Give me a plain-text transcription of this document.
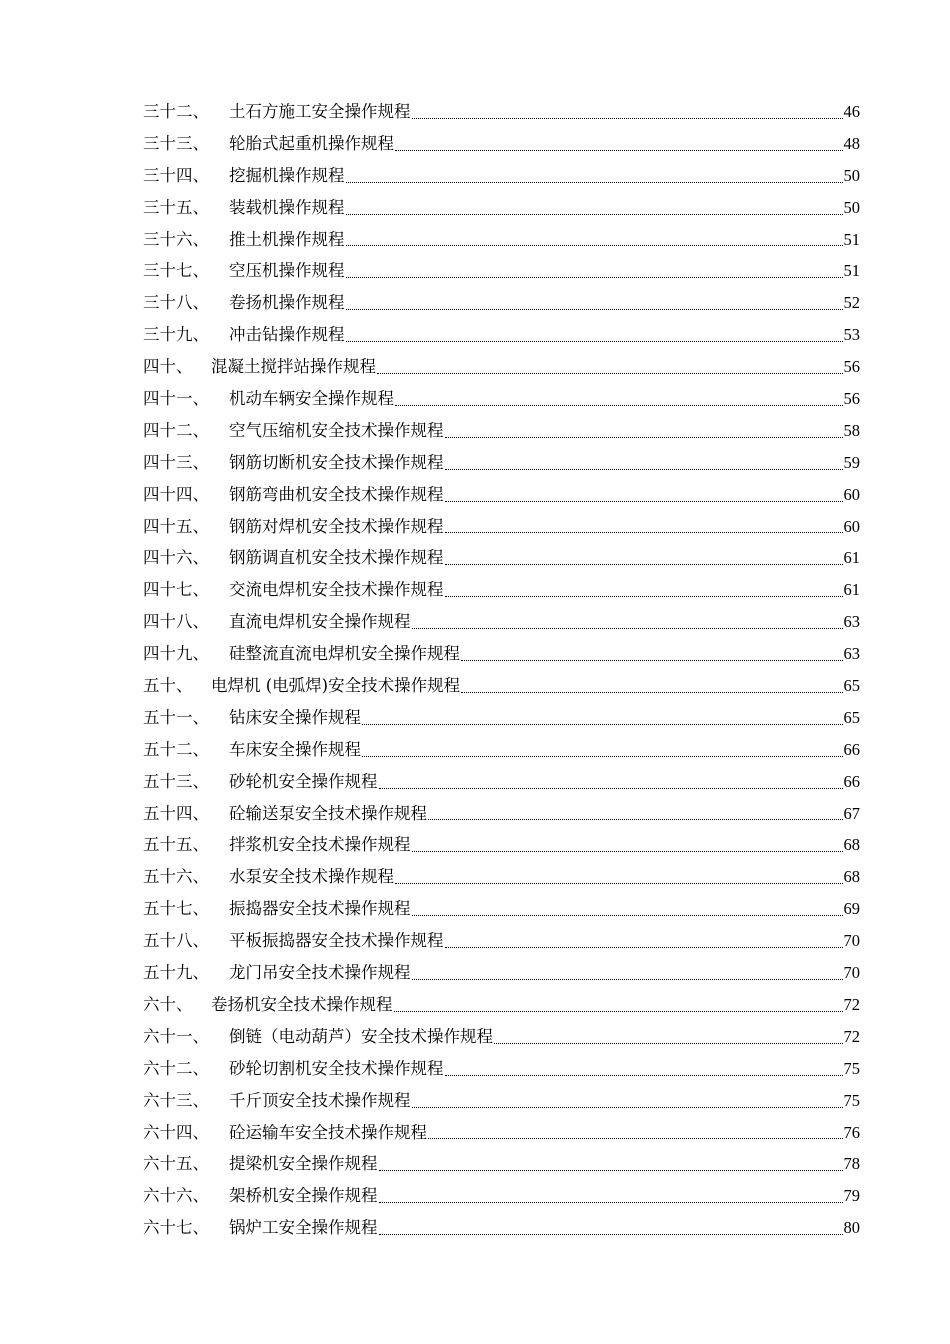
三十二、	土石方施工安全操作规程	46
三十三、	轮胎式起重机操作规程	48
三十四、	挖掘机操作规程	50
三十五、	装载机操作规程	50
三十六、	推土机操作规程	51
三十七、	空压机操作规程	51
三十八、	卷扬机操作规程	52
三十九、	冲击钻操作规程	53
四十、	混凝土搅拌站操作规程	56
四十一、	机动车辆安全操作规程	56
四十二、	空气压缩机安全技术操作规程	58
四十三、	钢筋切断机安全技术操作规程	59
四十四、	钢筋弯曲机安全技术操作规程	60
四十五、	钢筋对焊机安全技术操作规程	60
四十六、	钢筋调直机安全技术操作规程	61
四十七、	交流电焊机安全技术操作规程	61
四十八、	直流电焊机安全操作规程	63
四十九、	硅整流直流电焊机安全操作规程	63
五十、	电焊机 (电弧焊)安全技术操作规程	65
五十一、	钻床安全操作规程	65
五十二、	车床安全操作规程	66
五十三、	砂轮机安全操作规程	66
五十四、	砼输送泵安全技术操作规程	67
五十五、	拌浆机安全技术操作规程	68
五十六、	水泵安全技术操作规程	68
五十七、	振捣器安全技术操作规程	69
五十八、	平板振捣器安全技术操作规程	70
五十九、	龙门吊安全技术操作规程	70
六十、	卷扬机安全技术操作规程	72
六十一、	倒链（电动葫芦）安全技术操作规程	72
六十二、	砂轮切割机安全技术操作规程	75
六十三、	千斤顶安全技术操作规程	75
六十四、	砼运输车安全技术操作规程	76
六十五、	提梁机安全操作规程	78
六十六、	架桥机安全操作规程	79
六十七、	锅炉工安全操作规程	80
